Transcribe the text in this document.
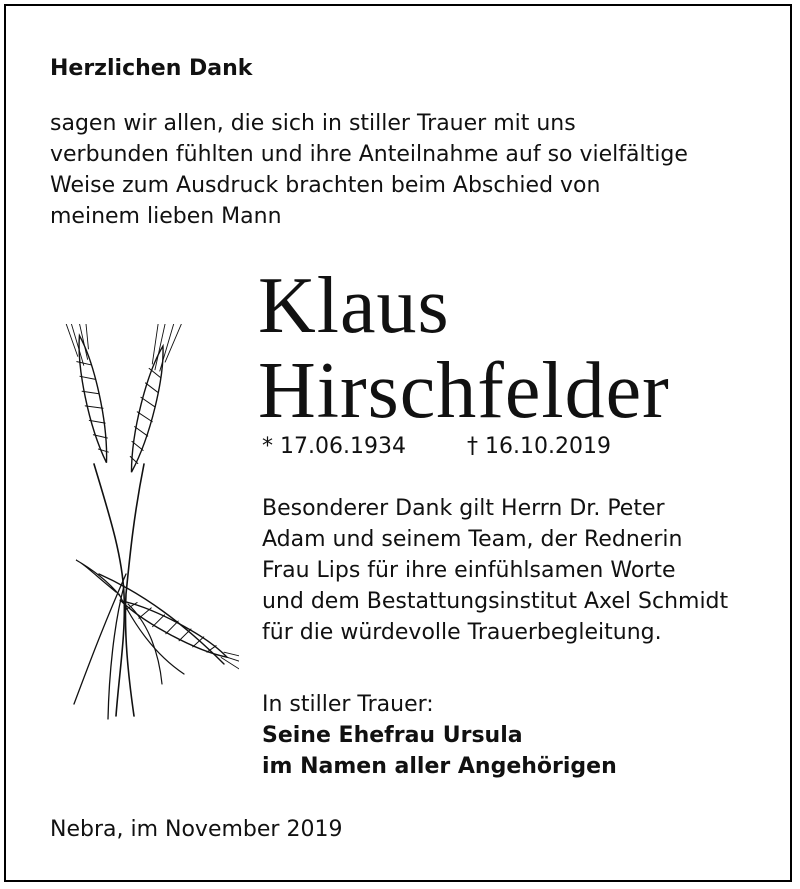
Herzlichen Dank
sagen wir allen, die sich in stiller Trauer mit uns
verbunden fühlten und ihre Anteilnahme auf so vielfältige
Weise zum Ausdruck brachten beim Abschied von
meinem lieben Mann
Klaus
Hirschfelder
* 17.06.1934	† 16.10.2019
Besonderer Dank gilt Herrn Dr. Peter
Adam und seinem Team, der Rednerin
Frau Lips für ihre einfühlsamen Worte
und dem Bestattungsinstitut Axel Schmidt
für die würdevolle Trauerbegleitung.
In stiller Trauer:
Seine Ehefrau Ursula
im Namen aller Angehörigen
Nebra, im November 2019
